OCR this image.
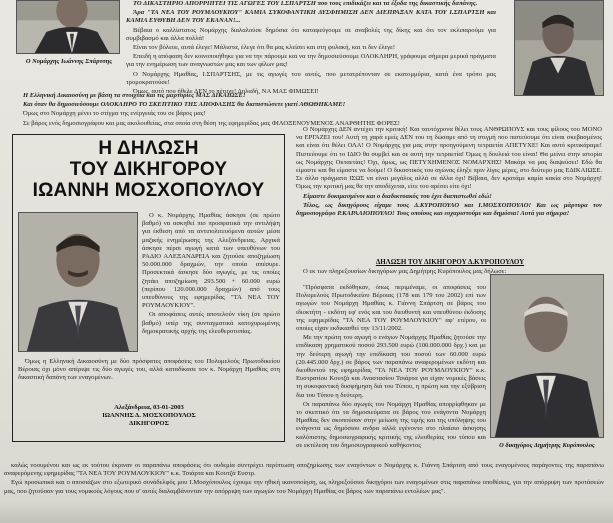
Ο Νομάρχης Ιωάννης Σπάρτσης

ΤΟ ΔΙΚΑΣΤΗΡΙΟ ΑΠΟΡΡΙΠΤΕΙ ΤΙΣ ΑΓΩΓΕΣ ΤΟΥ Ι.ΣΠΑΡΤΣΗ που τους επιδικάζει και τα έξοδα της δικαστικής δαπάνης.

Άρα "ΤΑ ΝΕΑ ΤΟΥ ΡΟΥΜΛΟΥΚΙΟΥ" ΚΑΜΙΑ ΣΥΚΟΦΑΝΤΙΚΗ ΔΥΣΦΗΜΙΣΗ ΔΕΝ ΔΙΕΠΡΑΞΑΝ ΚΑΤΑ ΤΟΥ Ι.ΣΠΑΡΤΣΗ και ΚΑΜΙΑ ΕΥΘΥΒΗ ΔΕΝ ΤΟΥ ΕΚΑΝΑΝ!...

Βέβαια ο καλλίστατος Νομάρχης διαλαλούσε δημόσια ότι καταφεύγουμε σε αναβολές της δίκης και ότι τον εκλιπαρούμε για συμβιβασμό και άλλα πολλά!

Είναι τον βόλευε, αυτά έλεγε! Μάλιστα, έλεγε ότι θα μας κλείσει και στη φυλακή, και τι δεν έλεγε!

Επειδή η απόφαση δεν κοινοποιήθηκε για να την πάρουμε και να την δημοσιεύσουμε ΟΛΟΚΛΗΡΗ, γράφουμε σήμερα μερικά πράγματα για την ενημέρωση των αναγνωστών μας και των φίλων μας!

Ο Νομάρχης Ημαθίας, Ι.ΣΠΑΡΤΣΗΣ, με τις αγωγές του αυτές, που μετατρέπονταν σε εκατομμύρια, κατά ένα τρόπο μας τρομοκρατούσε!

Όμως, αυτό που ήθελε ΔΕΝ το πέτυχε! Δηλαδή, ΝΑ ΜΑΣ ΦΙΜΩΣΕΙ!

Η Ελληνική Δικαιοσύνη με βάση τα στοιχεία και τις μαρτυρίες ΜΑΣ ΔΙΚΑΙΩΣΕ!

Και όταν θα δημοσιεύσουμε ΟΛΟΚΛΗΡΟ ΤΟ ΣΚΕΠΤΙΚΟ ΤΗΣ ΑΠΟΦΑΣΗΣ θα διαπιστώσετε γιατί ΑΘΩΘΗΚΑΜΕ!

Όμως στο Νομάρχη μένει το στίγμα της ενέργειάς του σε βάρος μας!

Σε βάρος ενός δημοσιογράφου και μας ακολουθείας, στα οποία στη θέση της εφημερίδας μας ΦΙΛΟΞΕΝΟΥΜΕΝΟΣ ΑΝΑΡΘΗΤΗΣ ΦΟΡΕΣ!

Η ΔΗΛΩΣΗ
ΤΟΥ ΔΙΚΗΓΟΡΟΥ
ΙΩΑΝΝΗ ΜΟΣΧΟΠΟΥΛΟΥ

Ο κ. Νομάρχης Ημαθίας άσκησε (σε πρώτο βαθμό) να ασκηθεί πιο προσφατικά την αντιλήψη για έκθεση από τα αντιπολιτευόμενα αυτών μέσα μαζικής ενημέρωσης της Αλεξάνδρειας. Αρχικά άσκησε πέρσι αγωγή κατά των υπευθύνων του ΡΑΔΙΟ ΑΛΕΞΑΝΔΡΕΙΑ και ζητούσε αποζημίωση 50.000.000 δραχμών, την οποία απέσυρε. Προσεκτικά άσκησε δύο αγωγές, με τις οποίες ζητάει αποζημίωση 293.500 + 60.000 ευρώ (περίπου 120.000.000 δραχμών) από τους υπευθύνους της εφημερίδας "ΤΑ ΝΕΑ ΤΟΥ ΡΟΥΜΛΟΥΚΙΟΥ".

Οι αποφάσεις αυτές αποτελούν νίκη (σε πρώτο βαθμό) υπέρ της συνταγματικά κατοχυρωμένης δημοκρατικής αρχής της ελευθεροτυπίας.

Όμως η Ελληνική Δικαιοσύνη με δύο πρόσφατες αποφάσεις του Πολυμελούς Πρωτοδικείου Βέροιας όχι μόνο απέριψε τις δύο αγωγές του, αλλά καταδίκασε τον κ. Νομάρχη Ημαθίας στη δικαστική δαπάνη των εναγομένων.

Αλεξάνδρεια, 03-01-2003
ΙΩΑΝΝΗΣ Δ. ΜΟΣΧΟΠΟΥΛΟΣ
ΔΙΚΗΓΟΡΟΣ

Ο Νομάρχης ΔΕΝ αντέχει την κριτική! Και ταυτόχρονα θέλει τους ΑΝΘΡΩΠΟΥΣ και τους φίλους του ΜΟΝΟ να ΕΡΓΑΖΕΙ του! Αυτή τη χαρά εμείς ΔΕΝ του τη δώσαμε από τη στιγμή που πιστεύουμε ότι είναι σκεβασμένος και είναι ότι θέλει ΟΛΑ! Ο Νομάρχης για μας στην προηγούμενη τετραετία ΑΠΕΤΥΧΕ! Και αυτό κριτικάραμε! Πιστεύουμε ότι το ΙΔΙΟ θα συμβεί και σε αυτή την τετραετία! Όμως η δουλειά του είναι! Θα μείνει στην ιστορία ως Νομάρχης Οκταετίας! Όχι, όμως, ως ΠΕΤΥΧΗΜΕΝΟΣ ΝΟΜΑΡΧΗΣ! Μακάρι να μας διαψεύσει! Εδώ θα είμαστε και θα είμαστε να δούμε! Ο δικαστικός του αγώνας έληξε πριν λίγες μέρες, στο δεύτερο μας ΕΔΙΚΑΙΩΣΕ. Σε άλλα πράγματα ΙΣΩΣ να είναι μεγάλος αλλά σε άλλα όχι! Βέβαια, δεν κρατάμε καμία κακία στο Νομάρχη! Όμως την κριτική μας θα την αποδέχεται, είτε του αρέσει είτε όχι!

Είμαστε δοκιμασμένοι και ο διαδικτυακός του έχει διαπιστωθεί εδώ!

Τέλος, ως δικηγόρους είχαμε τους Δ.ΚΥΡΟΠΟΥΛΟ και Ι.ΜΟΣΧΟΠΟΥΛΟ! Και ως μάρτυρα τον δημοσιογράφο Ρ.ΚΑΡΑΛΙΟΠΟΥΛΟ! Τους οποίους και ευχαριστούμε και δημόσια! Αυτά για σήμερα!

ΔΗΛΩΣΗ ΤΟΥ ΔΙΚΗΓΟΡΟΥ Δ.ΚΥΡΟΠΟΥΛΟΥ

Ο εκ των πληρεξουσίων δικηγόρων μας Δημήτρης Κυρόπουλος μας δήλωσε:

"Πρόσφατα εκδόθηκαν, όπως περιμέναμε, οι αποφάσεις του Πολυμελούς Πρωτοδικείου Βέροιας (178 και 179 του 2002) επί των αγωγών του Νομάρχη Ημαθίας κ. Γιάννη Σπάρτση σε βάρος του ιδιοκτήτη - εκδότη εφ' ενός και του διευθυντή και υπευθύνου έκδοσης της εφημερίδας "ΤΑ ΝΕΑ ΤΟΥ ΡΟΥΜΛΟΥΚΙΟΥ" αφ' ετέρου, οι οποίες είχαν εκδικασθεί την 13/11/2002.

Με την πρώτη του αγωγή ο ενάγων Νομάρχης Ημαθίας ζητούσε την επιδίκαση χρηματικού ποσού 293.500 ευρώ (100.000.000 δρχ.) και με την δεύτερη αγωγή την επιδίκαση του ποσού των 60.000 ευρώ (20.445.000 δρχ.) σε βάρος των παραπάνω αναφερομένων εκδότη και διευθυντού της εφημερίδας "ΤΑ ΝΕΑ ΤΟΥ ΡΟΥΜΛΟΥΚΙΟΥ" κ.κ. Ευστρατίου Κουτζά και Αναστασίου Τσιάρτα για είχαν νομικές βάσεις τη συκοφαντική δυσφήμηση διά του Τύπου, η πρώτη και την εξύβριση δια του Τύπου η δεύτερη.

Οι παραπάνω δύο αγωγές του Νομάρχη Ημαθίας απορρίφθηκαν με το σκεπτικό ότι τα δημοσιεύματα σε βάρος του ενάγοντα Νομάρχη Ημαθίας δεν σκοπούσαν στην μείωση της τιμής και της υπόληψης του ενάγοντα ως δημόσιου ανδρα αλλά εγένοντο στο πλαίσιο άσκησης καλόπιστης δημοσιογραφικής κριτικής της ελευθερίας του τύπου και σε εκτέλεση του δημοσιογραφικού καθήκοντος	Ο δικηγόρος Δημήτρης Κυρόπουλος

καλώς νοουμένου και ως εκ τούτου έκριναν οι παραπάνω αποφάσεις ότι ουδεμία συντρέχει περίπτωση αποζημίωσης των εναγόντων ο Νομάρχης κ. Γιάννη Σπάρτση από τους εναγομένους παράγοντες της παραπάνω αναφερόμενης εφημερίδας "ΤΑ ΝΕΑ ΤΟΥ ΡΟΥΜΛΟΥΚΙΟΥ" κ.κ. Τσιάρτα και Κουτζά Ευστρ.

Εγώ προσωπικά και ο αποσιάζων στο εξωτερικό συνάδελφός μου Ι.Μοσχόπουλος έχουμε την ηθική ικανοποίηση, ως πληρεξούσιοι δικηγόροι των εναγομένων στις παραπάνω υποθέσεις, για την απόρριψη των προτάσεών μας, που ζητούσαν για τους νομικούς λόγους που σ' αυτές διαλαμβάνονταν την απόρριψη των αγωγών του Νομάρχη Ημαθίας σε βάρος των παραπάνω εντολέων μας".
